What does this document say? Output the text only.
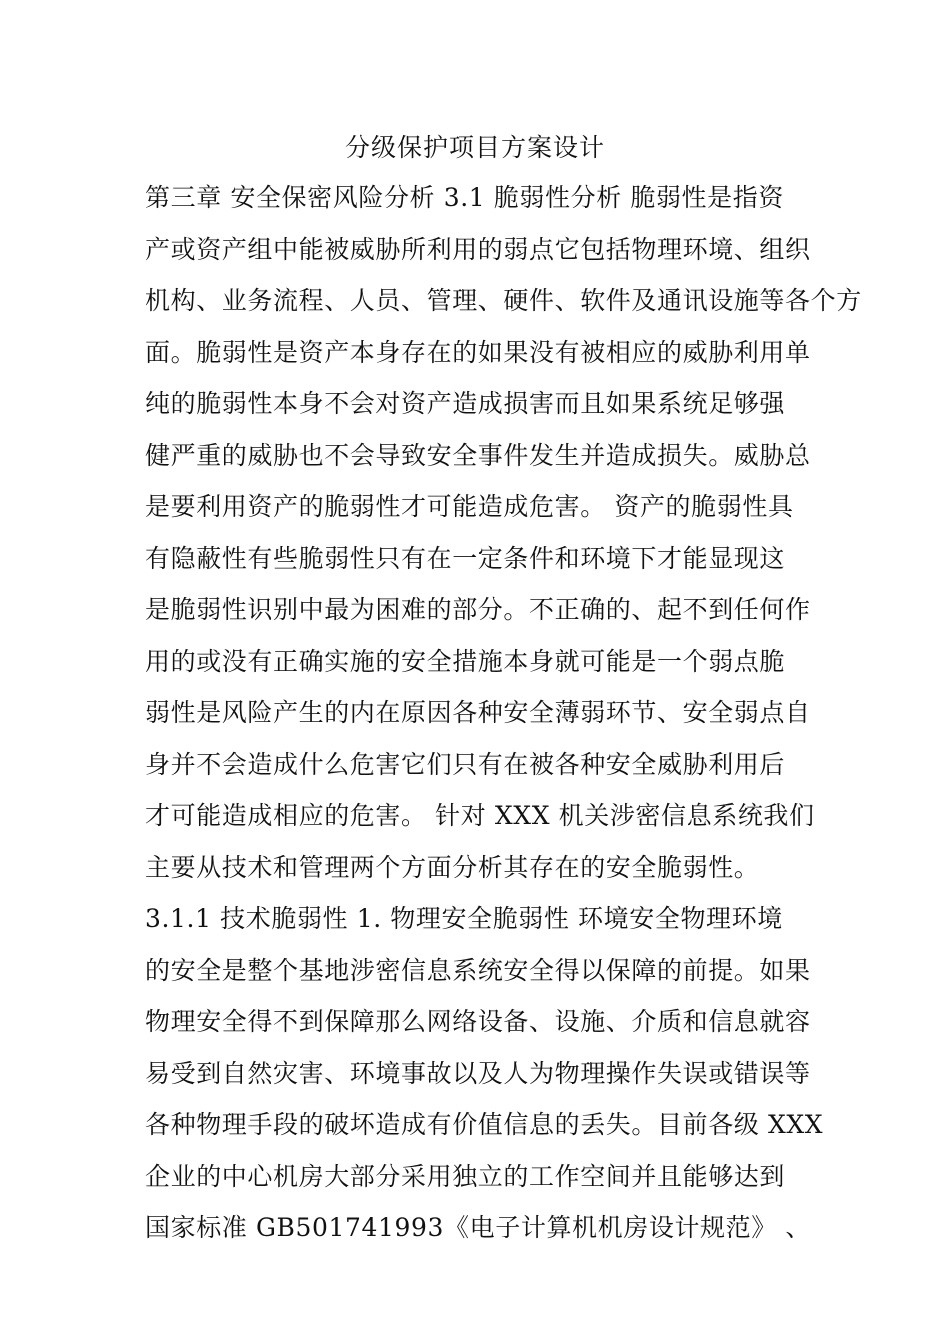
分级保护项目方案设计
第三章 安全保密风险分析 3.1 脆弱性分析 脆弱性是指资
产或资产组中能被威胁所利用的弱点它包括物理环境、组织
机构、业务流程、人员、管理、硬件、软件及通讯设施等各个方
面。脆弱性是资产本身存在的如果没有被相应的威胁利用单
纯的脆弱性本身不会对资产造成损害而且如果系统足够强
健严重的威胁也不会导致安全事件发生并造成损失。威胁总
是要利用资产的脆弱性才可能造成危害。 资产的脆弱性具
有隐蔽性有些脆弱性只有在一定条件和环境下才能显现这
是脆弱性识别中最为困难的部分。不正确的、起不到任何作
用的或没有正确实施的安全措施本身就可能是一个弱点脆
弱性是风险产生的内在原因各种安全薄弱环节、安全弱点自
身并不会造成什么危害它们只有在被各种安全威胁利用后
才可能造成相应的危害。 针对 XXX 机关涉密信息系统我们
主要从技术和管理两个方面分析其存在的安全脆弱性。
3.1.1 技术脆弱性 1. 物理安全脆弱性 环境安全物理环境
的安全是整个基地涉密信息系统安全得以保障的前提。如果
物理安全得不到保障那么网络设备、设施、介质和信息就容
易受到自然灾害、环境事故以及人为物理操作失误或错误等
各种物理手段的破坏造成有价值信息的丢失。目前各级 XXX
企业的中心机房大部分采用独立的工作空间并且能够达到
国家标准 GB501741993《电子计算机机房设计规范》 、
